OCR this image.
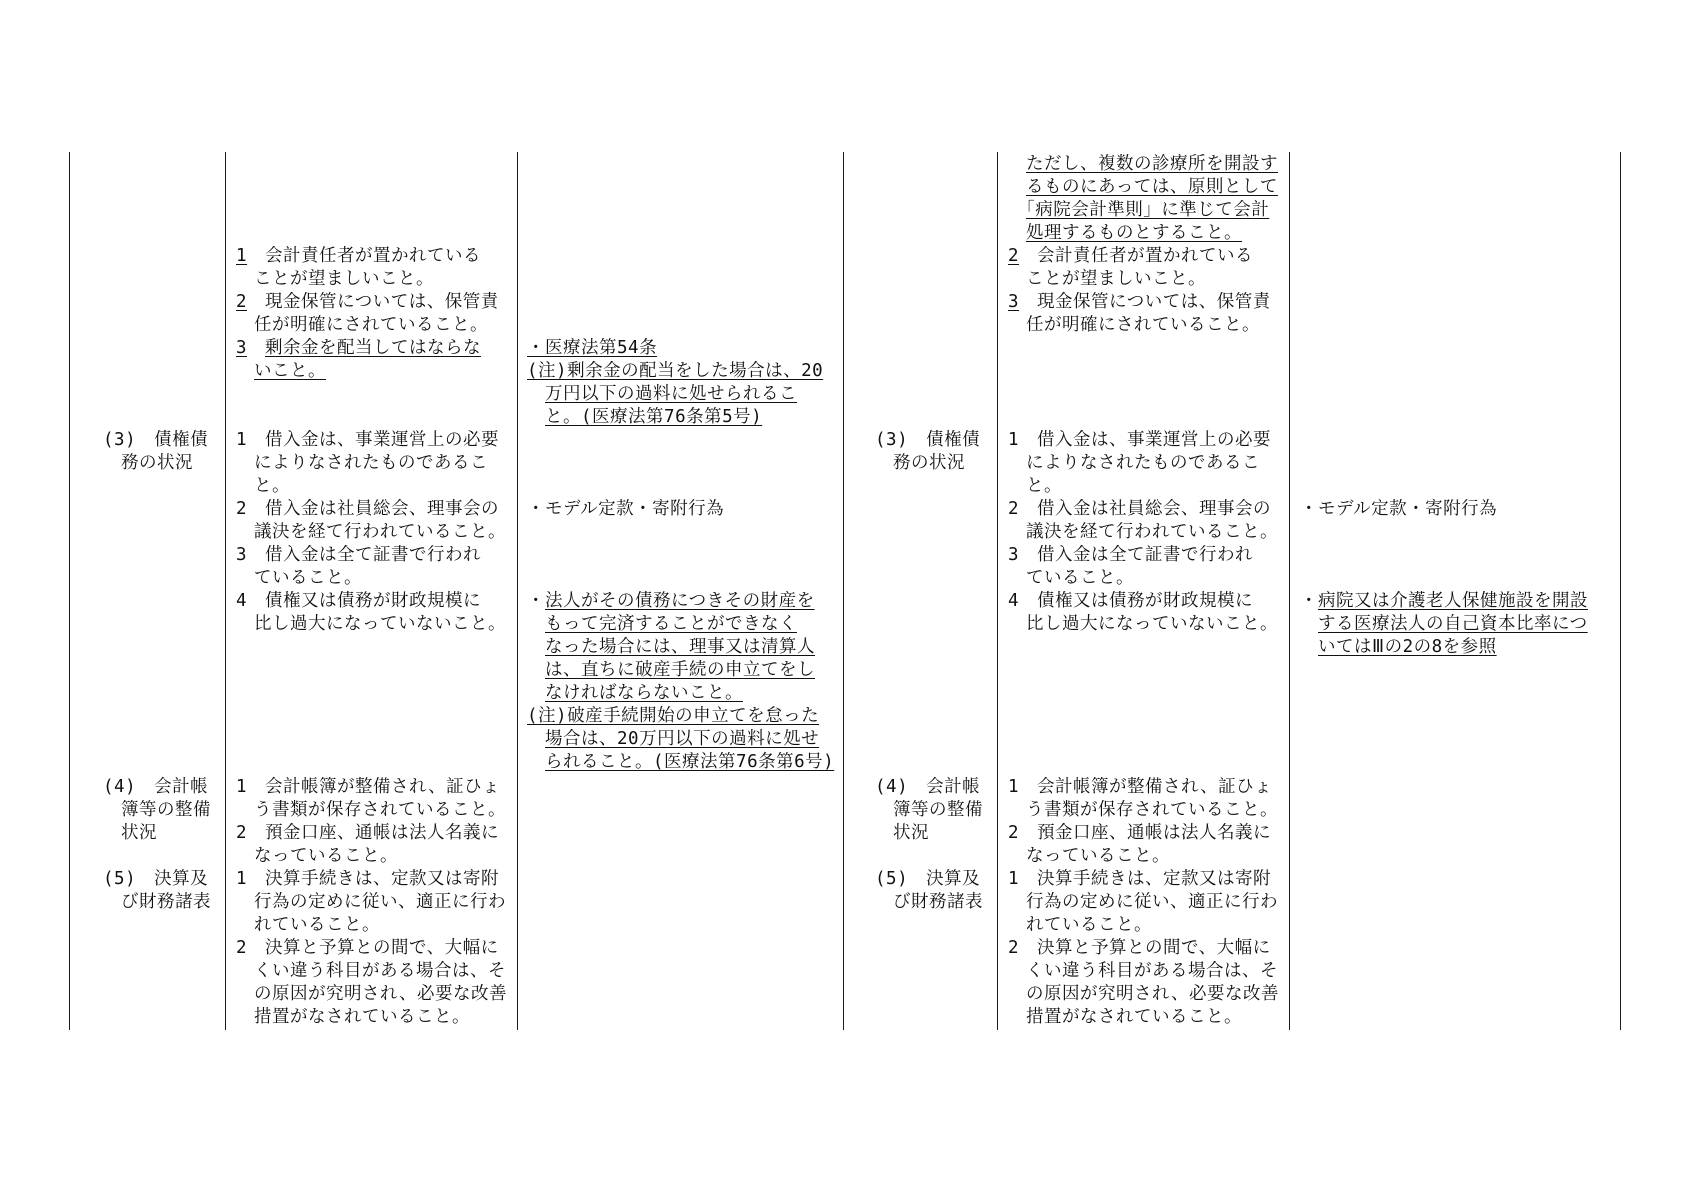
(3)　債権債
　務の状況
(4)　会計帳
　簿等の整備
　状況
(5)　決算及
　び財務諸表
1　会計責任者が置かれている
　ことが望ましいこと。
2　現金保管については、保管責
　任が明確にされていること。
3　 剰余金を配当してはならな
　いこと。
1　借入金は、事業運営上の必要
　によりなされたものであるこ
　と。
2　借入金は社員総会、理事会の
　議決を経て行われていること。
3　借入金は全て証書で行われ
　ていること。
4　債権又は債務が財政規模に
　比し過大になっていないこと。
1　会計帳簿が整備され、証ひょ
　う書類が保存されていること。
2　預金口座、通帳は法人名義に
　なっていること。
1　決算手続きは、定款又は寄附
　行為の定めに従い、適正に行わ
　れていること。
2　決算と予算との間で、大幅に
　くい違う科目がある場合は、そ
　の原因が究明され、必要な改善
　措置がなされていること。
・医療法第54条
(注)剰余金の配当をした場合は、20
　万円以下の過料に処せられるこ
　と。(医療法第76条第5号)
・モデル定款・寄附行為
・法人がその債務につきその財産を
　もって完済することができなく
　なった場合には、理事又は清算人
　は、直ちに破産手続の申立てをし
　なければならないこと。
(注)破産手続開始の申立てを怠った
　場合は、20万円以下の過料に処せ
　られること。(医療法第76条第6号)
(3)　債権債
　務の状況
(4)　会計帳
　簿等の整備
　状況
(5)　決算及
　び財務諸表
　ただし、複数の診療所を開設す
　るものにあっては、原則として
　「病院会計準則」に準じて会計
　処理するものとすること。
2　会計責任者が置かれている
　ことが望ましいこと。
3　現金保管については、保管責
　任が明確にされていること。
1　借入金は、事業運営上の必要
　によりなされたものであるこ
　と。
2　借入金は社員総会、理事会の
　議決を経て行われていること。
3　借入金は全て証書で行われ
　ていること。
4　債権又は債務が財政規模に
　比し過大になっていないこと。
1　会計帳簿が整備され、証ひょ
　う書類が保存されていること。
2　預金口座、通帳は法人名義に
　なっていること。
1　決算手続きは、定款又は寄附
　行為の定めに従い、適正に行わ
　れていること。
2　決算と予算との間で、大幅に
　くい違う科目がある場合は、そ
　の原因が究明され、必要な改善
　措置がなされていること。
・モデル定款・寄附行為
・病院又は介護老人保健施設を開設
　する医療法人の自己資本比率につ
　いてはⅢの2の8を参照
